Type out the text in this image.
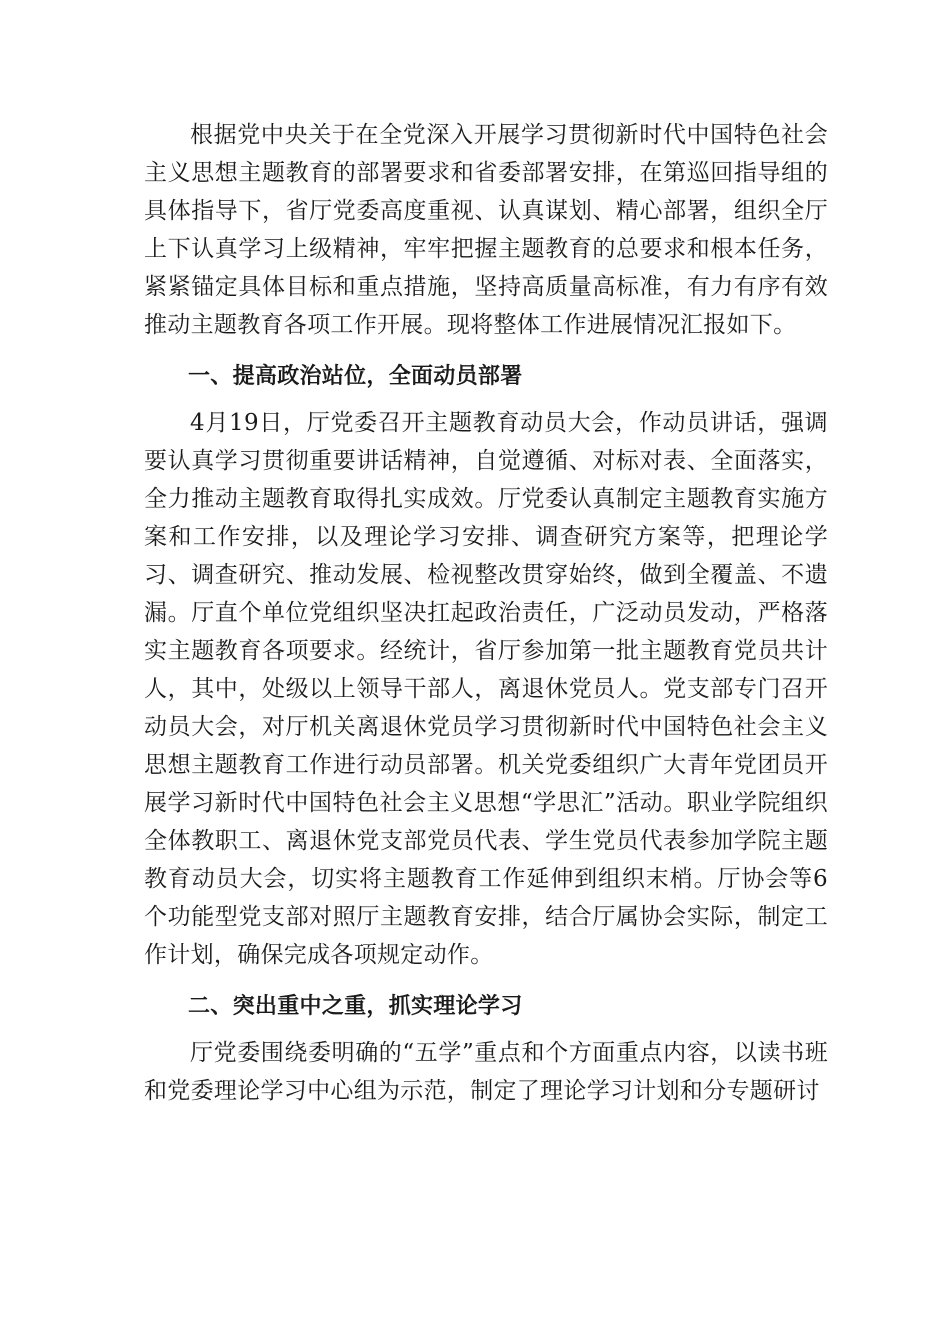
根据党中央关于在全党深入开展学习贯彻新时代中国特色社会主义思想主题教育的部署要求和省委部署安排，在第巡回指导组的具体指导下，省厅党委高度重视、认真谋划、精心部署，组织全厅上下认真学习上级精神，牢牢把握主题教育的总要求和根本任务，紧紧锚定具体目标和重点措施，坚持高质量高标准，有力有序有效推动主题教育各项工作开展。现将整体工作进展情况汇报如下。

一、提高政治站位，全面动员部署

4月19日，厅党委召开主题教育动员大会，作动员讲话，强调要认真学习贯彻重要讲话精神，自觉遵循、对标对表、全面落实，全力推动主题教育取得扎实成效。厅党委认真制定主题教育实施方案和工作安排，以及理论学习安排、调查研究方案等，把理论学习、调查研究、推动发展、检视整改贯穿始终，做到全覆盖、不遗漏。厅直个单位党组织坚决扛起政治责任，广泛动员发动，严格落实主题教育各项要求。经统计，省厅参加第一批主题教育党员共计人，其中，处级以上领导干部人，离退休党员人。党支部专门召开动员大会，对厅机关离退休党员学习贯彻新时代中国特色社会主义思想主题教育工作进行动员部署。机关党委组织广大青年党团员开展学习新时代中国特色社会主义思想“学思汇”活动。职业学院组织全体教职工、离退休党支部党员代表、学生党员代表参加学院主题教育动员大会，切实将主题教育工作延伸到组织末梢。厅协会等6个功能型党支部对照厅主题教育安排，结合厅属协会实际，制定工作计划，确保完成各项规定动作。

二、突出重中之重，抓实理论学习

厅党委围绕委明确的“五学”重点和个方面重点内容，以读书班和党委理论学习中心组为示范，制定了理论学习计划和分专题研讨
